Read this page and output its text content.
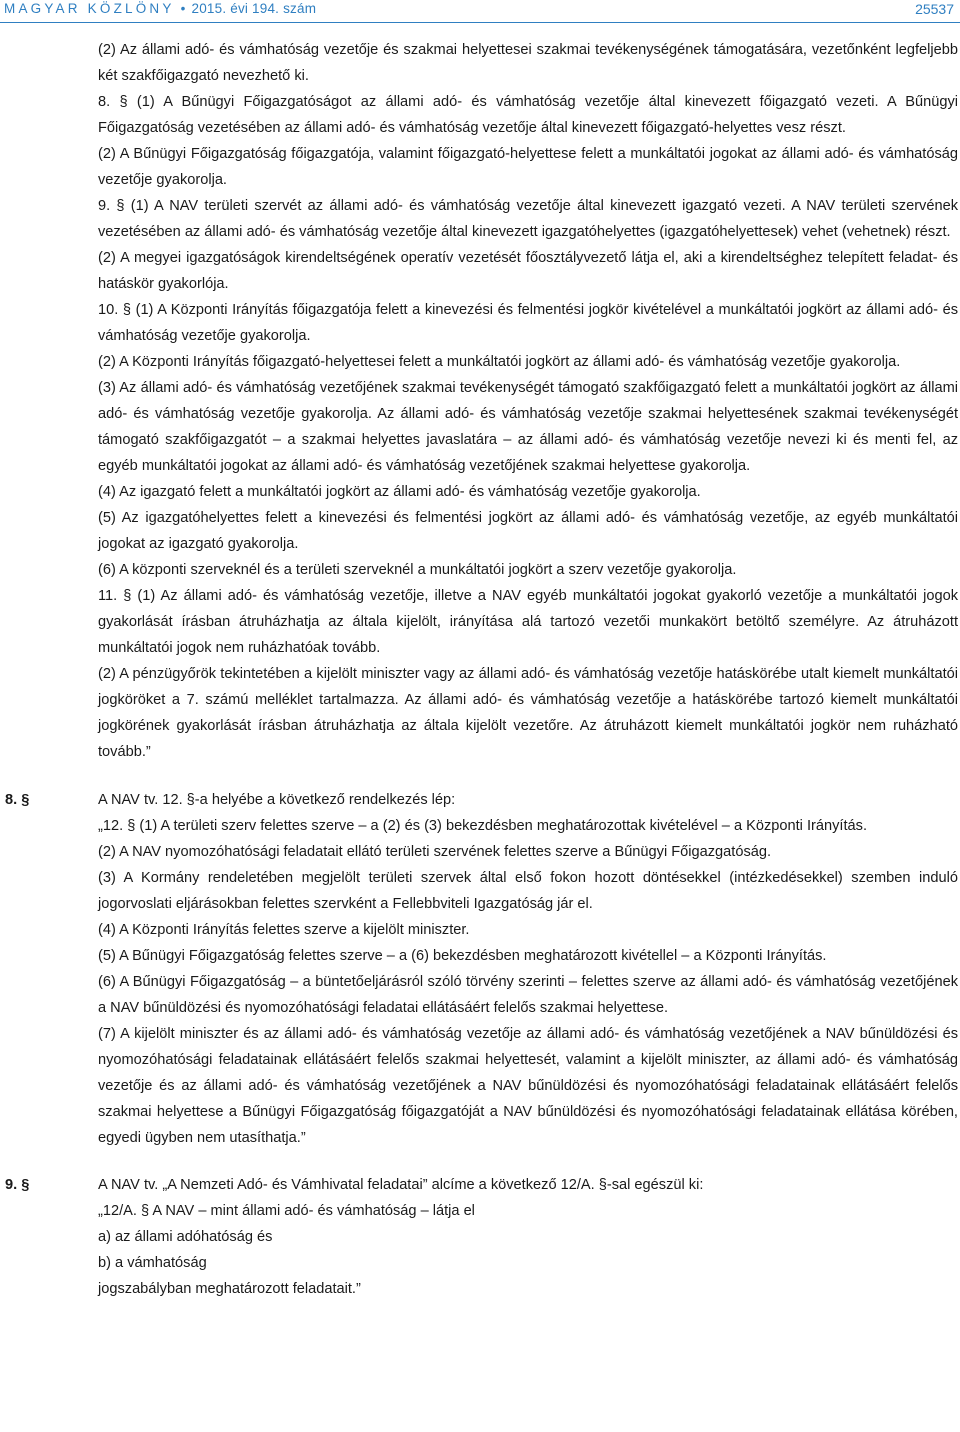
MAGYAR KÖZLÖNY • 2015. évi 194. szám	25537

(2) Az állami adó- és vámhatóság vezetője és szakmai helyettesei szakmai tevékenységének támogatására, vezetőnként legfeljebb két szakfőigazgató nevezhető ki.

8. § (1) A Bűnügyi Főigazgatóságot az állami adó- és vámhatóság vezetője által kinevezett főigazgató vezeti. A Bűnügyi Főigazgatóság vezetésében az állami adó- és vámhatóság vezetője által kinevezett főigazgató-helyettes vesz részt.

(2) A Bűnügyi Főigazgatóság főigazgatója, valamint főigazgató-helyettese felett a munkáltatói jogokat az állami adó- és vámhatóság vezetője gyakorolja.

9. § (1) A NAV területi szervét az állami adó- és vámhatóság vezetője által kinevezett igazgató vezeti. A NAV területi szervének vezetésében az állami adó- és vámhatóság vezetője által kinevezett igazgatóhelyettes (igazgatóhelyettesek) vehet (vehetnek) részt.

(2) A megyei igazgatóságok kirendeltségének operatív vezetését főosztályvezető látja el, aki a kirendeltséghez telepített feladat- és hatáskör gyakorlója.

10. § (1) A Központi Irányítás főigazgatója felett a kinevezési és felmentési jogkör kivételével a munkáltatói jogkört az állami adó- és vámhatóság vezetője gyakorolja.

(2) A Központi Irányítás főigazgató-helyettesei felett a munkáltatói jogkört az állami adó- és vámhatóság vezetője gyakorolja.

(3) Az állami adó- és vámhatóság vezetőjének szakmai tevékenységét támogató szakfőigazgató felett a munkáltatói jogkört az állami adó- és vámhatóság vezetője gyakorolja. Az állami adó- és vámhatóság vezetője szakmai helyettesének szakmai tevékenységét támogató szakfőigazgatót – a szakmai helyettes javaslatára – az állami adó- és vámhatóság vezetője nevezi ki és menti fel, az egyéb munkáltatói jogokat az állami adó- és vámhatóság vezetőjének szakmai helyettese gyakorolja.

(4) Az igazgató felett a munkáltatói jogkört az állami adó- és vámhatóság vezetője gyakorolja.

(5) Az igazgatóhelyettes felett a kinevezési és felmentési jogkört az állami adó- és vámhatóság vezetője, az egyéb munkáltatói jogokat az igazgató gyakorolja.

(6) A központi szerveknél és a területi szerveknél a munkáltatói jogkört a szerv vezetője gyakorolja.

11. § (1) Az állami adó- és vámhatóság vezetője, illetve a NAV egyéb munkáltatói jogokat gyakorló vezetője a munkáltatói jogok gyakorlását írásban átruházhatja az általa kijelölt, irányítása alá tartozó vezetői munkakört betöltő személyre. Az átruházott munkáltatói jogok nem ruházhatóak tovább.

(2) A pénzügyőrök tekintetében a kijelölt miniszter vagy az állami adó- és vámhatóság vezetője hatáskörébe utalt kiemelt munkáltatói jogköröket a 7. számú melléklet tartalmazza. Az állami adó- és vámhatóság vezetője a hatáskörébe tartozó kiemelt munkáltatói jogkörének gyakorlását írásban átruházhatja az általa kijelölt vezetőre. Az átruházott kiemelt munkáltatói jogkör nem ruházható tovább.”

8. §	A NAV tv. 12. §-a helyébe a következő rendelkezés lép:

„12. § (1) A területi szerv felettes szerve – a (2) és (3) bekezdésben meghatározottak kivételével – a Központi Irányítás.

(2) A NAV nyomozóhatósági feladatait ellátó területi szervének felettes szerve a Bűnügyi Főigazgatóság.

(3) A Kormány rendeletében megjelölt területi szervek által első fokon hozott döntésekkel (intézkedésekkel) szemben induló jogorvoslati eljárásokban felettes szervként a Fellebbviteli Igazgatóság jár el.

(4) A Központi Irányítás felettes szerve a kijelölt miniszter.

(5) A Bűnügyi Főigazgatóság felettes szerve – a (6) bekezdésben meghatározott kivétellel – a Központi Irányítás.

(6) A Bűnügyi Főigazgatóság – a büntetőeljárásról szóló törvény szerinti – felettes szerve az állami adó- és vámhatóság vezetőjének a NAV bűnüldözési és nyomozóhatósági feladatai ellátásáért felelős szakmai helyettese.

(7) A kijelölt miniszter és az állami adó- és vámhatóság vezetője az állami adó- és vámhatóság vezetőjének a NAV bűnüldözési és nyomozóhatósági feladatainak ellátásáért felelős szakmai helyettesét, valamint a kijelölt miniszter, az állami adó- és vámhatóság vezetője és az állami adó- és vámhatóság vezetőjének a NAV bűnüldözési és nyomozóhatósági feladatainak ellátásáért felelős szakmai helyettese a Bűnügyi Főigazgatóság főigazgatóját a NAV bűnüldözési és nyomozóhatósági feladatainak ellátása körében, egyedi ügyben nem utasíthatja.”

9. §	A NAV tv. „A Nemzeti Adó- és Vámhivatal feladatai” alcíme a következő 12/A. §-sal egészül ki:

„12/A. § A NAV – mint állami adó- és vámhatóság – látja el

a) az állami adóhatóság és

b) a vámhatóság

jogszabályban meghatározott feladatait.”
